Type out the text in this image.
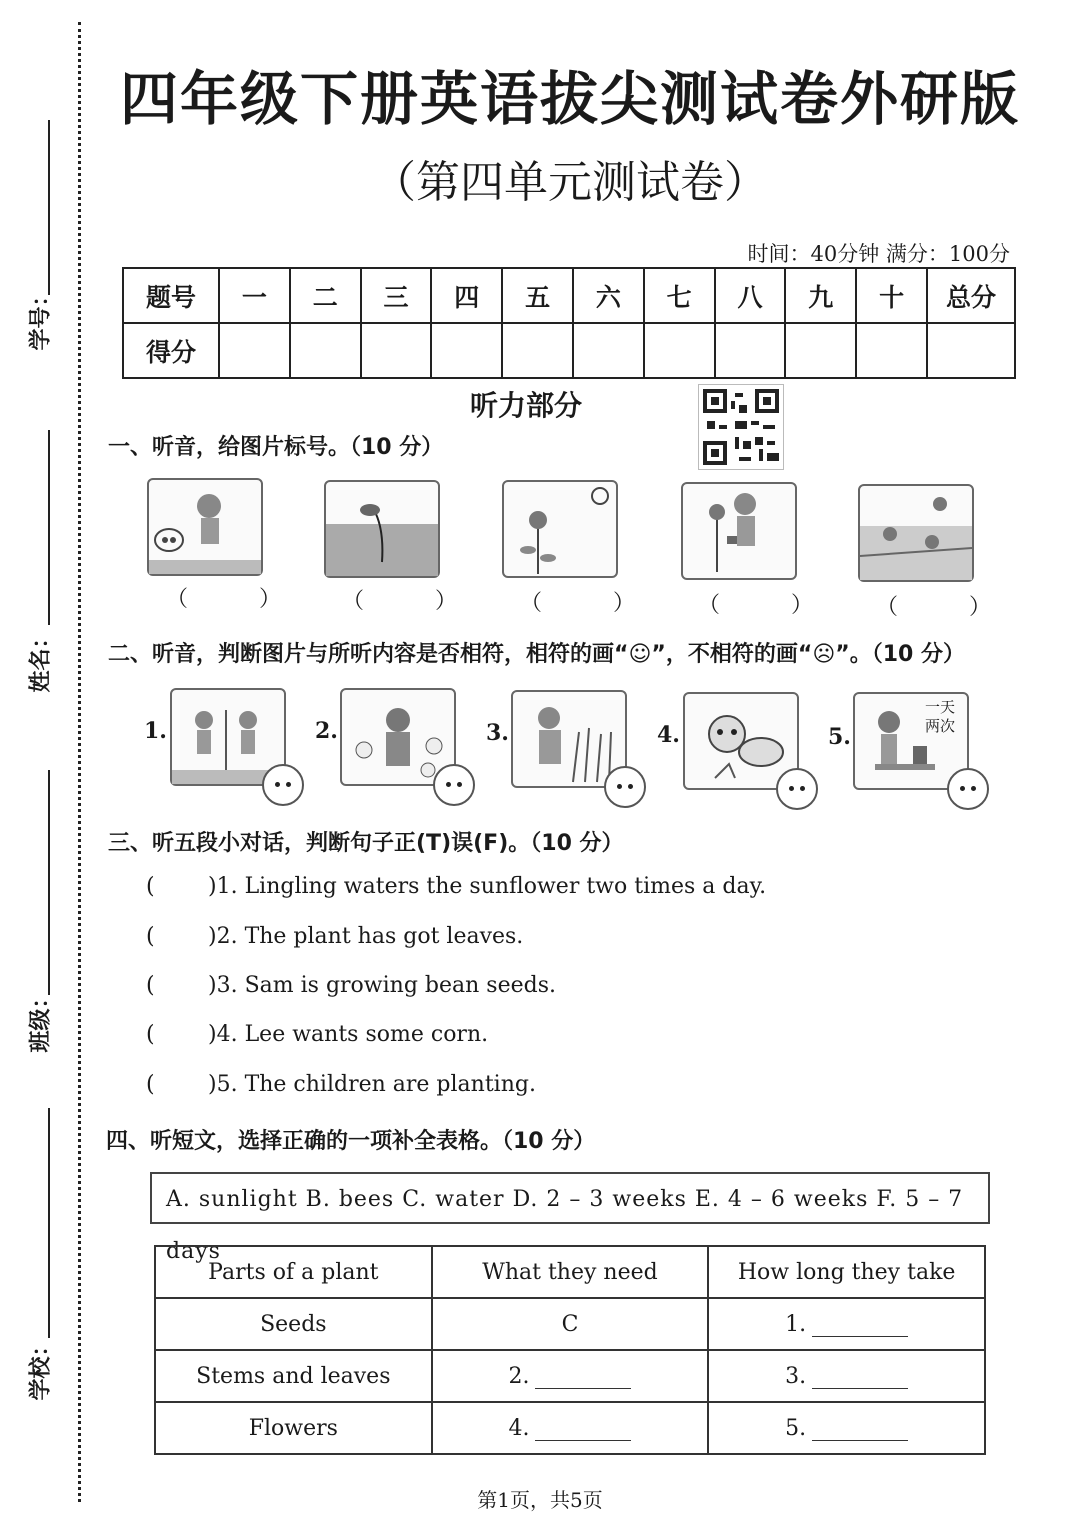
学号：
姓名：
班级：
学校：
四年级下册英语拔尖测试卷外研版
（第四单元测试卷）
时间：40分钟 满分：100分
题号	一	二	三	四	五	六	七	八	九	十	总分
得分											
听力部分
一、听音，给图片标号。（10 分）
（ ） （ ） （ ） （ ） （ ）
二、听音，判断图片与所听内容是否相符，相符的画“☺”，不相符的画“☹”。（10 分）
1.	2.	3.	4.	5.
一天
两次
三、听五段小对话，判断句子正(T)误(F)。（10 分）
( )1. Lingling waters the sunflower two times a day.
( )2. The plant has got leaves.
( )3. Sam is growing bean seeds.
( )4. Lee wants some corn.
( )5. The children are planting.
四、听短文，选择正确的一项补全表格。（10 分）
A. sunlight B. bees C. water D. 2 – 3 weeks E. 4 – 6 weeks F. 5 – 7 days
Parts of a plant	What they need	How long they take
Seeds	C	1.
Stems and leaves	2.	3.
Flowers	4.	5.
第1页，共5页
